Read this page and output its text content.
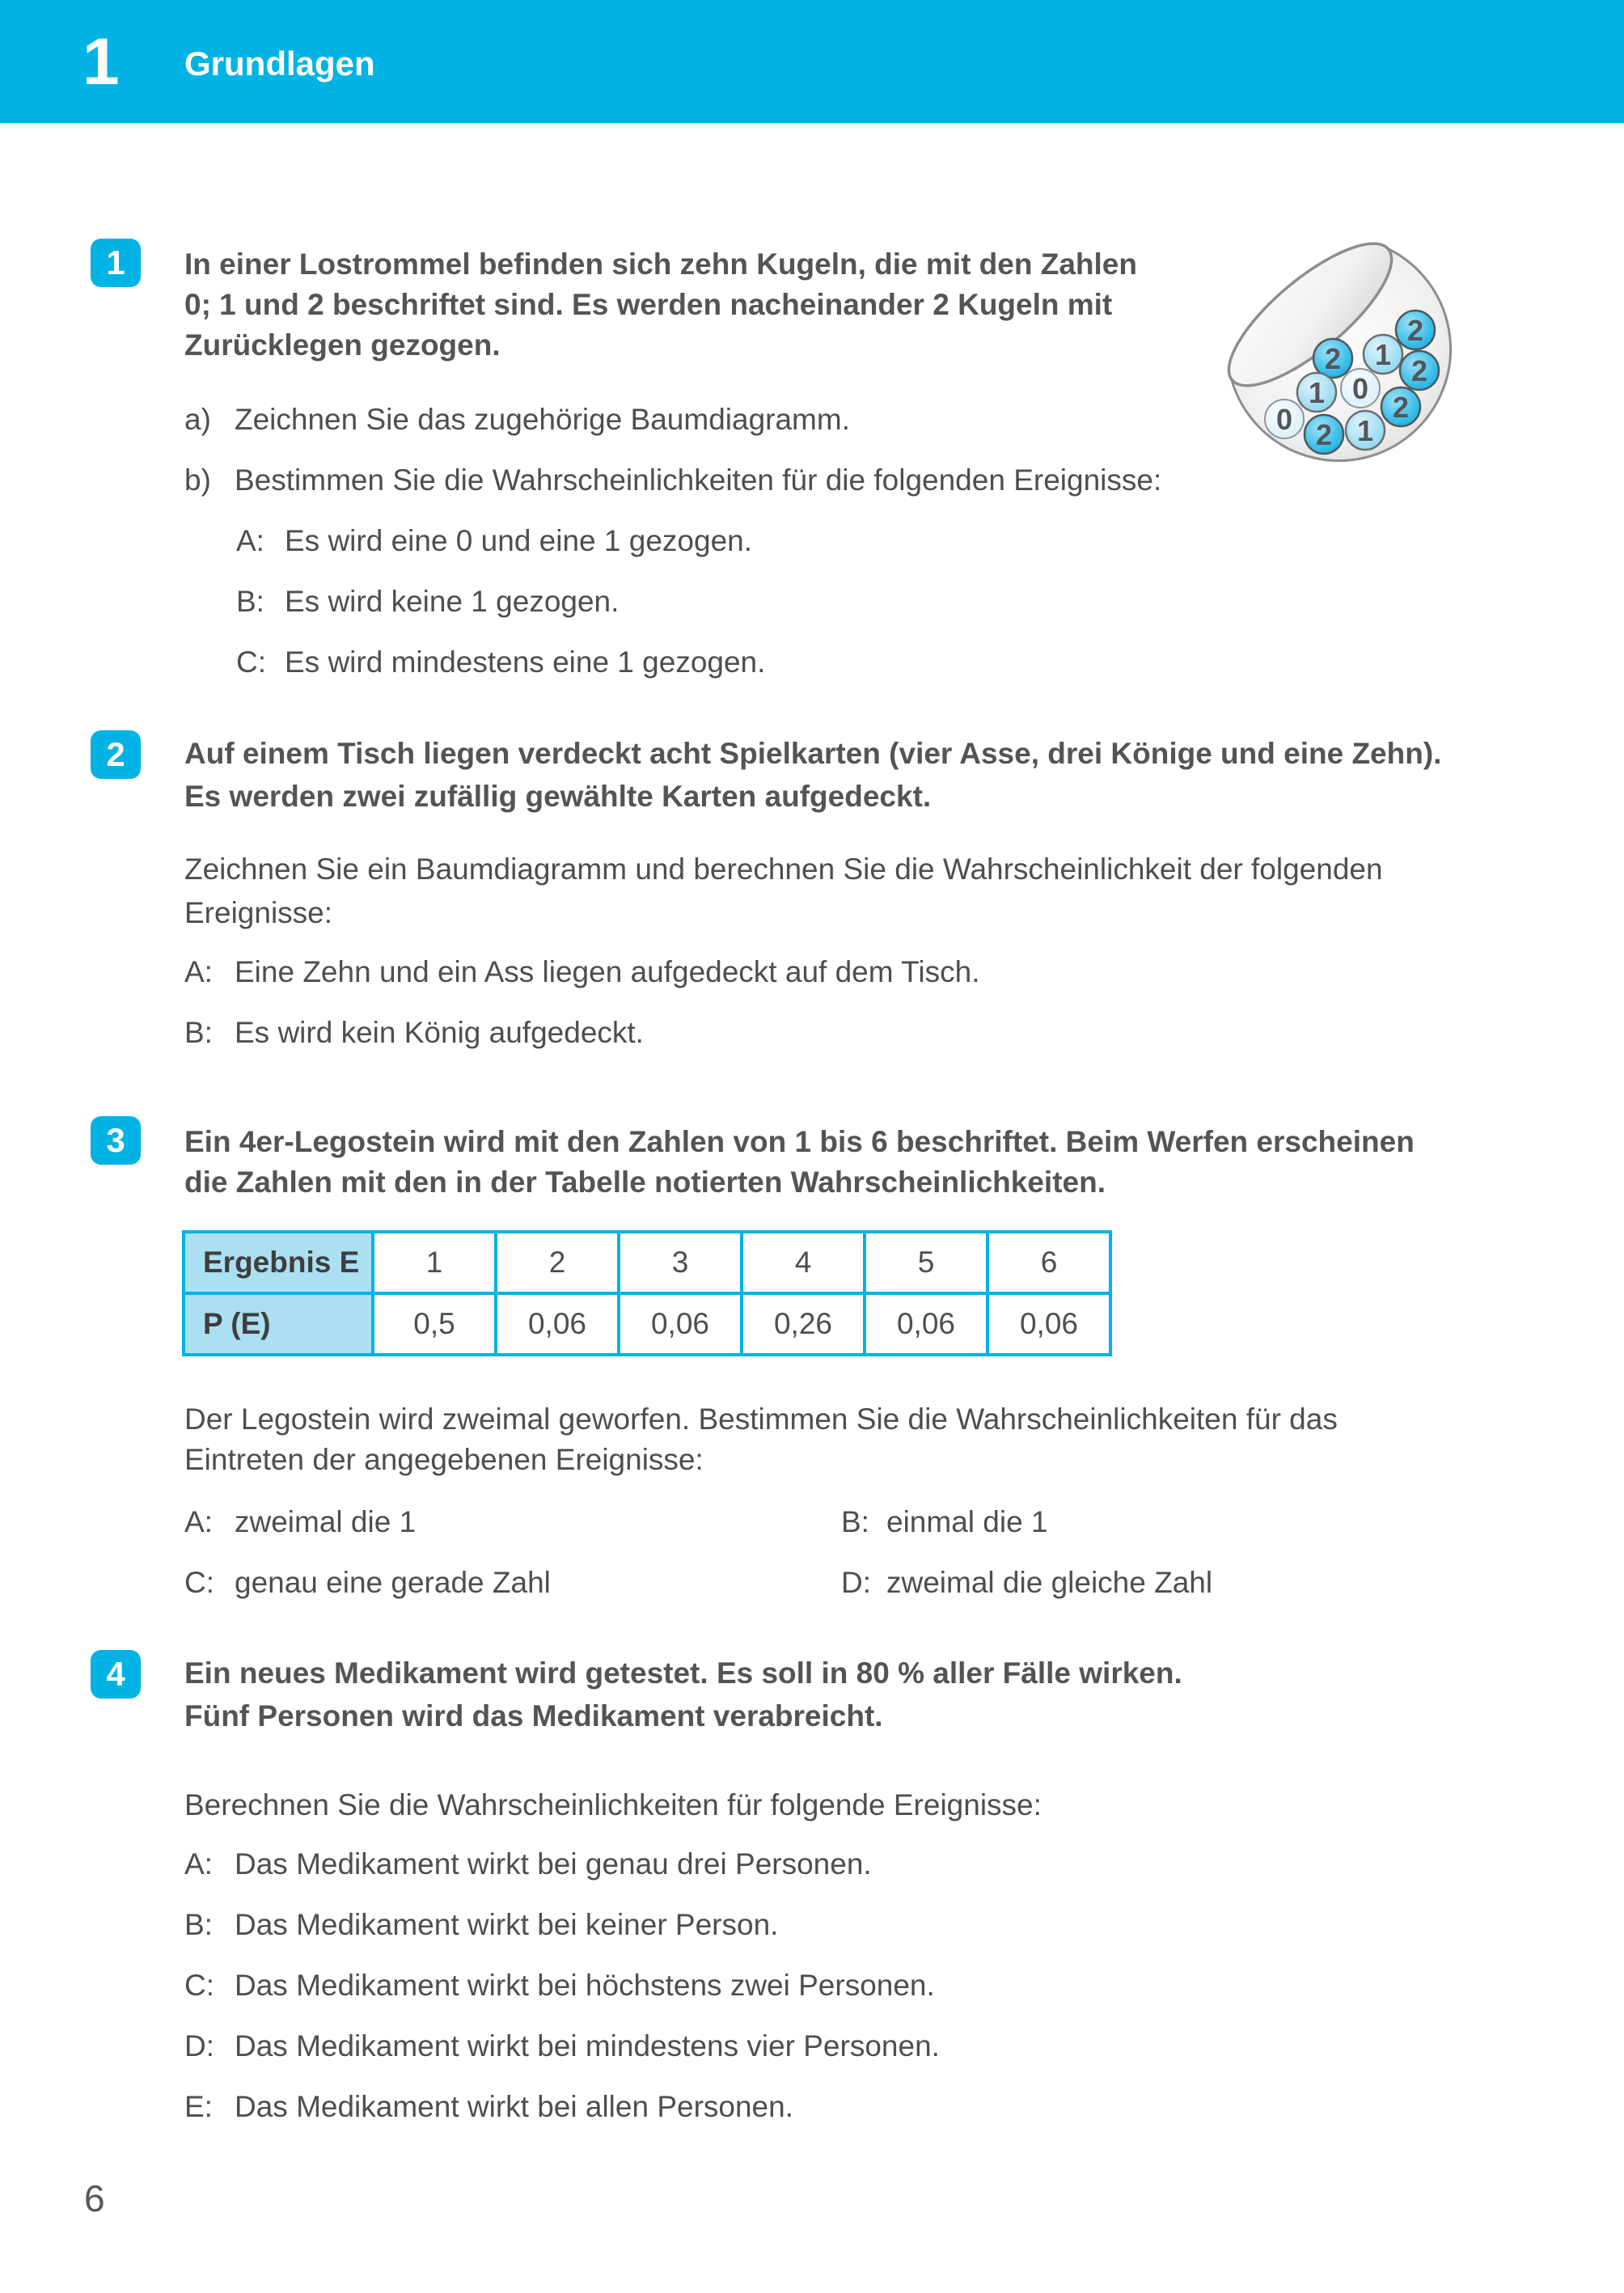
1 Grundlagen
1	In einer Lostrommel befinden sich zehn Kugeln, die mit den Zahlen
0; 1 und 2 beschriftet sind. Es werden nacheinander 2 Kugeln mit
Zurücklegen gezogen.
a) Zeichnen Sie das zugehörige Baumdiagramm.
b) Bestimmen Sie die Wahrscheinlichkeiten für die folgenden Ereignisse:
A: Es wird eine 0 und eine 1 gezogen.
B: Es wird keine 1 gezogen.
C: Es wird mindestens eine 1 gezogen.
2 1
2
2
1 0
2
0 2 1
2	Auf einem Tisch liegen verdeckt acht Spielkarten (vier Asse, drei Könige und eine Zehn).
Es werden zwei zufällig gewählte Karten aufgedeckt.
Zeichnen Sie ein Baumdiagramm und berechnen Sie die Wahrscheinlichkeit der folgenden
Ereignisse:
A: Eine Zehn und ein Ass liegen aufgedeckt auf dem Tisch.
B: Es wird kein König aufgedeckt.
3	Ein 4er-Legostein wird mit den Zahlen von 1 bis 6 beschriftet. Beim Werfen erscheinen
die Zahlen mit den in der Tabelle notierten Wahrscheinlichkeiten.
Ergebnis E	1	2	3	4	5	6
P (E)	0,5	0,06	0,06	0,26	0,06	0,06
Der Legostein wird zweimal geworfen. Bestimmen Sie die Wahrscheinlichkeiten für das
Eintreten der angegebenen Ereignisse:
A: zweimal die 1	B: einmal die 1
C: genau eine gerade Zahl	D: zweimal die gleiche Zahl
4	Ein neues Medikament wird getestet. Es soll in 80 % aller Fälle wirken.
Fünf Personen wird das Medikament verabreicht.
Berechnen Sie die Wahrscheinlichkeiten für folgende Ereignisse:
A: Das Medikament wirkt bei genau drei Personen.
B: Das Medikament wirkt bei keiner Person.
C: Das Medikament wirkt bei höchstens zwei Personen.
D: Das Medikament wirkt bei mindestens vier Personen.
E: Das Medikament wirkt bei allen Personen.
6
